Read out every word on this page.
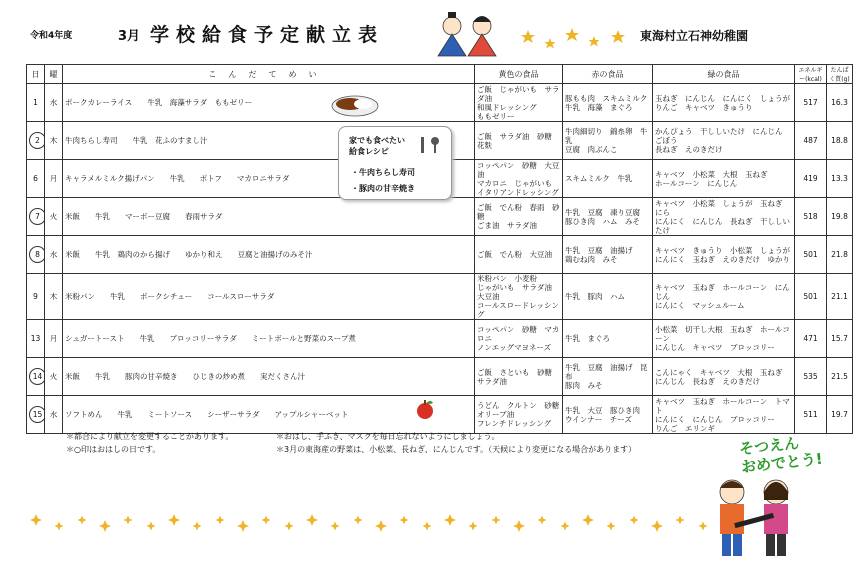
令和4年度	3月 学校給食予定献立表	東海村立石神幼稚園
日	曜	こんだてめい	黄色の食品	赤の食品	緑の食品	エネルギー(kcal)	たんぱく質(g)
1	水	ポークカレーライス　　牛乳　海藻サラダ　ももゼリー	ご飯　じゃがいも　サラダ油
和風ドレッシング
ももゼリー	豚もも肉　スキムミルク
牛乳　海藻　まぐろ	玉ねぎ　にんじん　にんにく　しょうが
りんご　キャベツ　きゅうり	517	16.3
2	木	牛肉ちらし寿司　　牛乳　花ふのすまし汁	ご飯　サラダ油　砂糖　花麩	牛肉細切り　錦糸卵　牛乳
豆腐　肉ぶんこ	かんぴょう　干ししいたけ　にんじん　ごぼう
長ねぎ　えのきだけ	487	18.8
6	月	キャラメルミルク揚げパン　　牛乳　　ポトフ　　マカロニサラダ	コッペパン　砂糖　大豆油
マカロニ　じゃがいも
イタリアンドレッシング	スキムミルク　牛乳	キャベツ　小松菜　大根　玉ねぎ
ホールコーン　にんじん	419	13.3
7	火	米飯　　牛乳　　マーボー豆腐　　春雨サラダ	ご飯　でん粉　春雨　砂糖
ごま油　サラダ油	牛乳　豆腐　凍り豆腐
豚ひき肉　ハム　みそ	キャベツ　小松菜　しょうが　玉ねぎ　にら
にんにく　にんじん　長ねぎ　干ししいたけ	518	19.8
8	水	米飯　　牛乳　鶏肉のから揚げ　　ゆかり和え　　豆腐と油揚げのみそ汁	ご飯　でん粉　大豆油	牛乳　豆腐　油揚げ
鶏むね肉　みそ	キャベツ　きゅうり　小松菜　しょうが
にんにく　玉ねぎ　えのきだけ　ゆかり	501	21.8
9	木	米粉パン　　牛乳　　ポークシチュー　　コールスローサラダ	米粉パン　小麦粉
じゃがいも　サラダ油
大豆油
コールスロードレッシング	牛乳　豚肉　ハム	キャベツ　玉ねぎ　ホールコーン　にんじん
にんにく　マッシュルーム	501	21.1
13	月	シュガートースト　　牛乳　　ブロッコリーサラダ　　ミートボールと野菜のスープ煮	コッペパン　砂糖　マカロニ
ノンエッグマヨネーズ	牛乳　まぐろ	小松菜　切干し大根　玉ねぎ　ホールコーン
にんじん　キャベツ　ブロッコリー	471	15.7
14	火	米飯　　牛乳　　豚肉の甘辛焼き　　ひじきの炒め煮　　実だくさん汁	ご飯　さといも　砂糖
サラダ油	牛乳　豆腐　油揚げ　昆布
豚肉　みそ	こんにゃく　キャベツ　大根　玉ねぎ
にんじん　長ねぎ　えのきだけ	535	21.5
15	水	ソフトめん　　牛乳　　ミートソース　　シーザーサラダ　　アップルシャーベット	うどん　クルトン　砂糖
オリーブ油
フレンチドレッシング	牛乳　大豆　豚ひき肉
ウインナー　チーズ	キャベツ　玉ねぎ　ホールコーン　トマト
にんにく　にんじん　ブロッコリー
りんご　エリンギ	511	19.7
家でも食べたい
給食レシピ
・牛肉ちらし寿司
・豚肉の甘辛焼き
＊都合により献立を変更することがあります。
＊○印はおはしの日です。
＊おはし、手ふき、マスクを毎日忘れないようにしましょう。
＊3月の東海産の野菜は、小松菜、長ねぎ、にんじんです。（天候により変更になる場合があります）	そつえん
おめでとう!
